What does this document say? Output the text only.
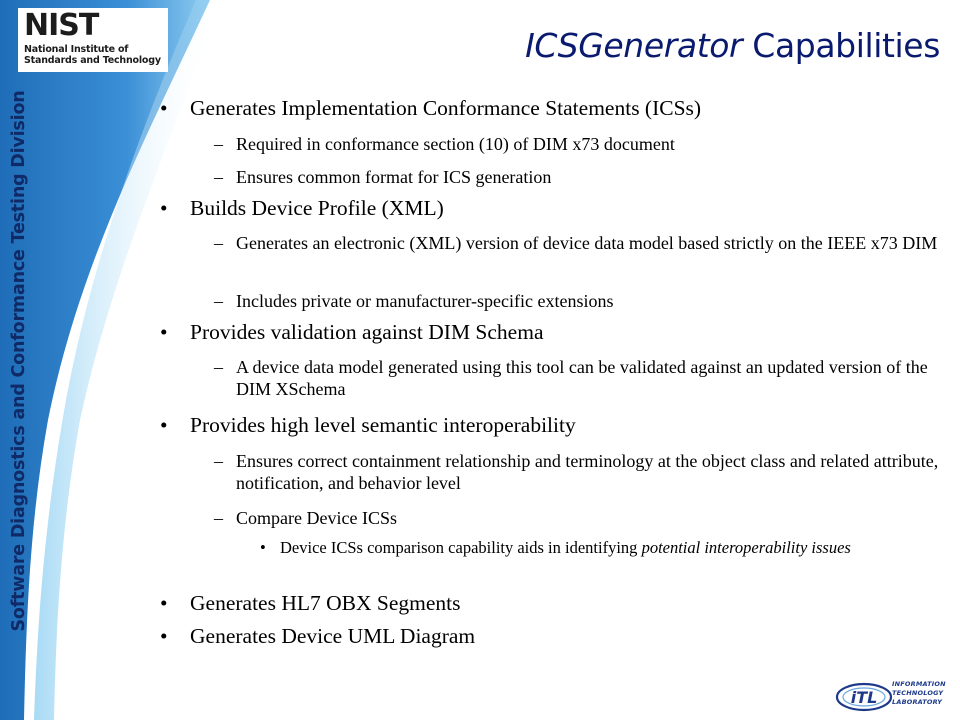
Software Diagnostics and Conformance Testing Division
NIST
National Institute of
Standards and Technology	ICSGenerator Capabilities
• Generates Implementation Conformance Statements (ICSs)
– Required in conformance section (10) of DIM x73 document
– Ensures common format for ICS generation
• Builds Device Profile (XML)
– Generates an electronic (XML) version of device data model based strictly on the IEEE x73 DIM
– Includes private or manufacturer-specific extensions
• Provides validation against DIM Schema
– A device data model generated using this tool can be validated against an updated version of the DIM XSchema
• Provides high level semantic interoperability
– Ensures correct containment relationship and terminology at the object class and related attribute, notification, and behavior level
– Compare Device ICSs
• Device ICSs comparison capability aids in identifying potential interoperability issues
• Generates HL7 OBX Segments
• Generates Device UML Diagram
iTL
INFORMATION
TECHNOLOGY
LABORATORY
